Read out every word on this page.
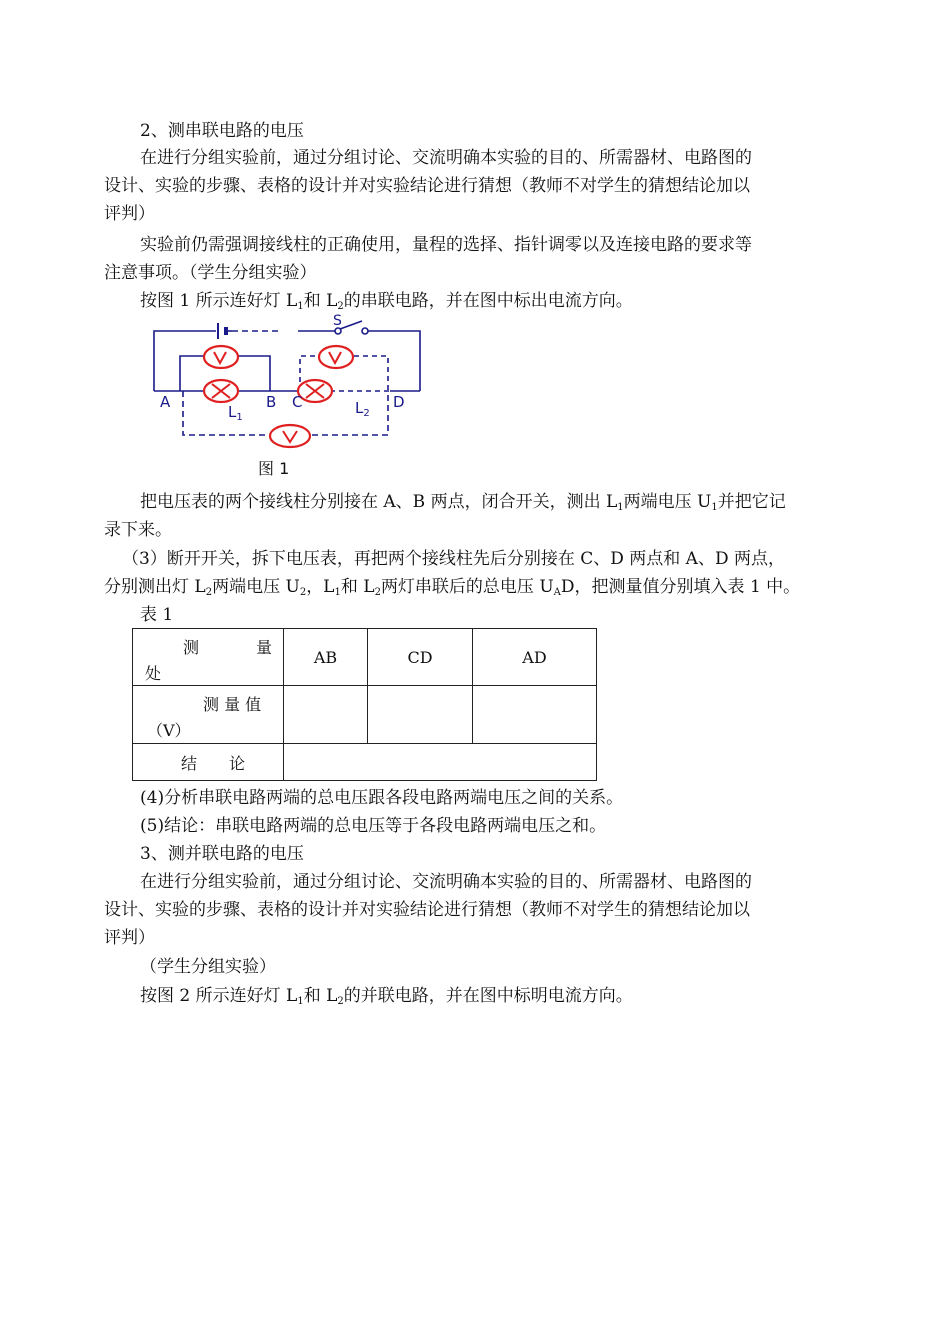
2、测串联电路的电压

在进行分组实验前，通过分组讨论、交流明确本实验的目的、所需器材、电路图的

设计、实验的步骤、表格的设计并对实验结论进行猜想（教师不对学生的猜想结论加以

评判）

实验前仍需强调接线柱的正确使用，量程的选择、指针调零以及连接电路的要求等

注意事项。（学生分组实验）

按图 1 所示连好灯 $L_1$和 $L_2$的串联电路，并在图中标出电流方向。

S
A	B C	D
$L_1$
$L_2$
图 1

把电压表的两个接线柱分别接在 A、B 两点，闭合开关，测出 $L_1$两端电压 $U_1$并把它记

录下来。

（3）断开开关，拆下电压表，再把两个接线柱先后分别接在 C、D 两点和 A、D 两点，

分别测出灯 $L_2$两端电压 $U_2$，$L_1$和 $L_2$两灯串联后的总电压 $U_AD$，把测量值分别填入表 1 中。

表 1

测 量
处	AB	CD	AD

测 量 值
（V）			

结　　论			

(4)分析串联电路两端的总电压跟各段电路两端电压之间的关系。

(5)结论：串联电路两端的总电压等于各段电路两端电压之和。

3、测并联电路的电压

在进行分组实验前，通过分组讨论、交流明确本实验的目的、所需器材、电路图的

设计、实验的步骤、表格的设计并对实验结论进行猜想（教师不对学生的猜想结论加以

评判）

（学生分组实验）

按图 2 所示连好灯 $L_1$和 $L_2$的并联电路，并在图中标明电流方向。
